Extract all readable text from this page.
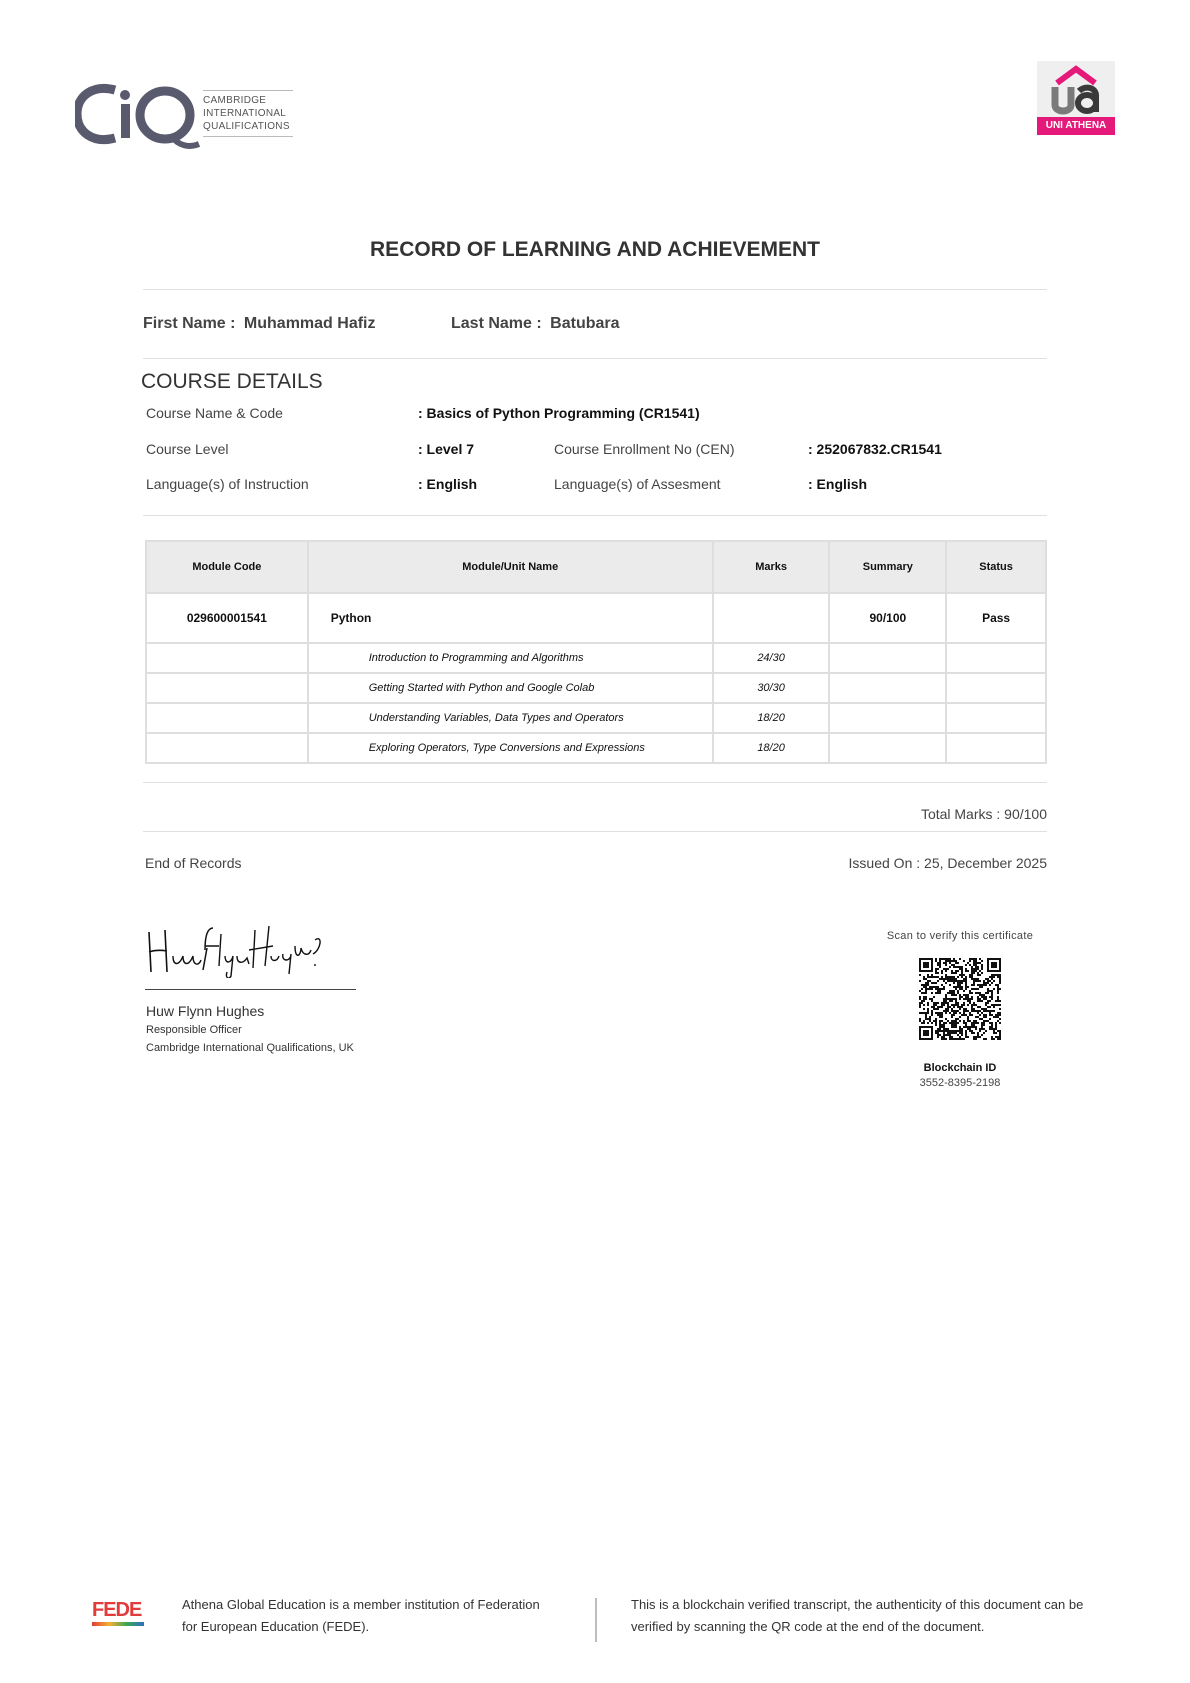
CAMBRIDGE
INTERNATIONAL
QUALIFICATIONS	UNI ATHENA
RECORD OF LEARNING AND ACHIEVEMENT
First Name : Muhammad Hafiz	Last Name : Batubara
COURSE DETAILS
Course Name & Code	: Basics of Python Programming (CR1541)
Course Level	: Level 7	Course Enrollment No (CEN)	: 252067832.CR1541
Language(s) of Instruction	: English	Language(s) of Assesment	: English
Module Code	Module/Unit Name	Marks	Summary	Status
029600001541	Python		90/100	Pass
	Introduction to Programming and Algorithms	24/30		
	Getting Started with Python and Google Colab	30/30		
	Understanding Variables, Data Types and Operators	18/20		
	Exploring Operators, Type Conversions and Expressions	18/20		
Total Marks : 90/100
End of Records	Issued On : 25, December 2025
Huw Flynn Hughes
Responsible Officer
Cambridge International Qualifications, UK
Scan to verify this certificate
Blockchain ID
3552-8395-2198
FEDE	Athena Global Education is a member institution of Federation
for European Education (FEDE).
This is a blockchain verified transcript, the authenticity of this document can be
verified by scanning the QR code at the end of the document.
